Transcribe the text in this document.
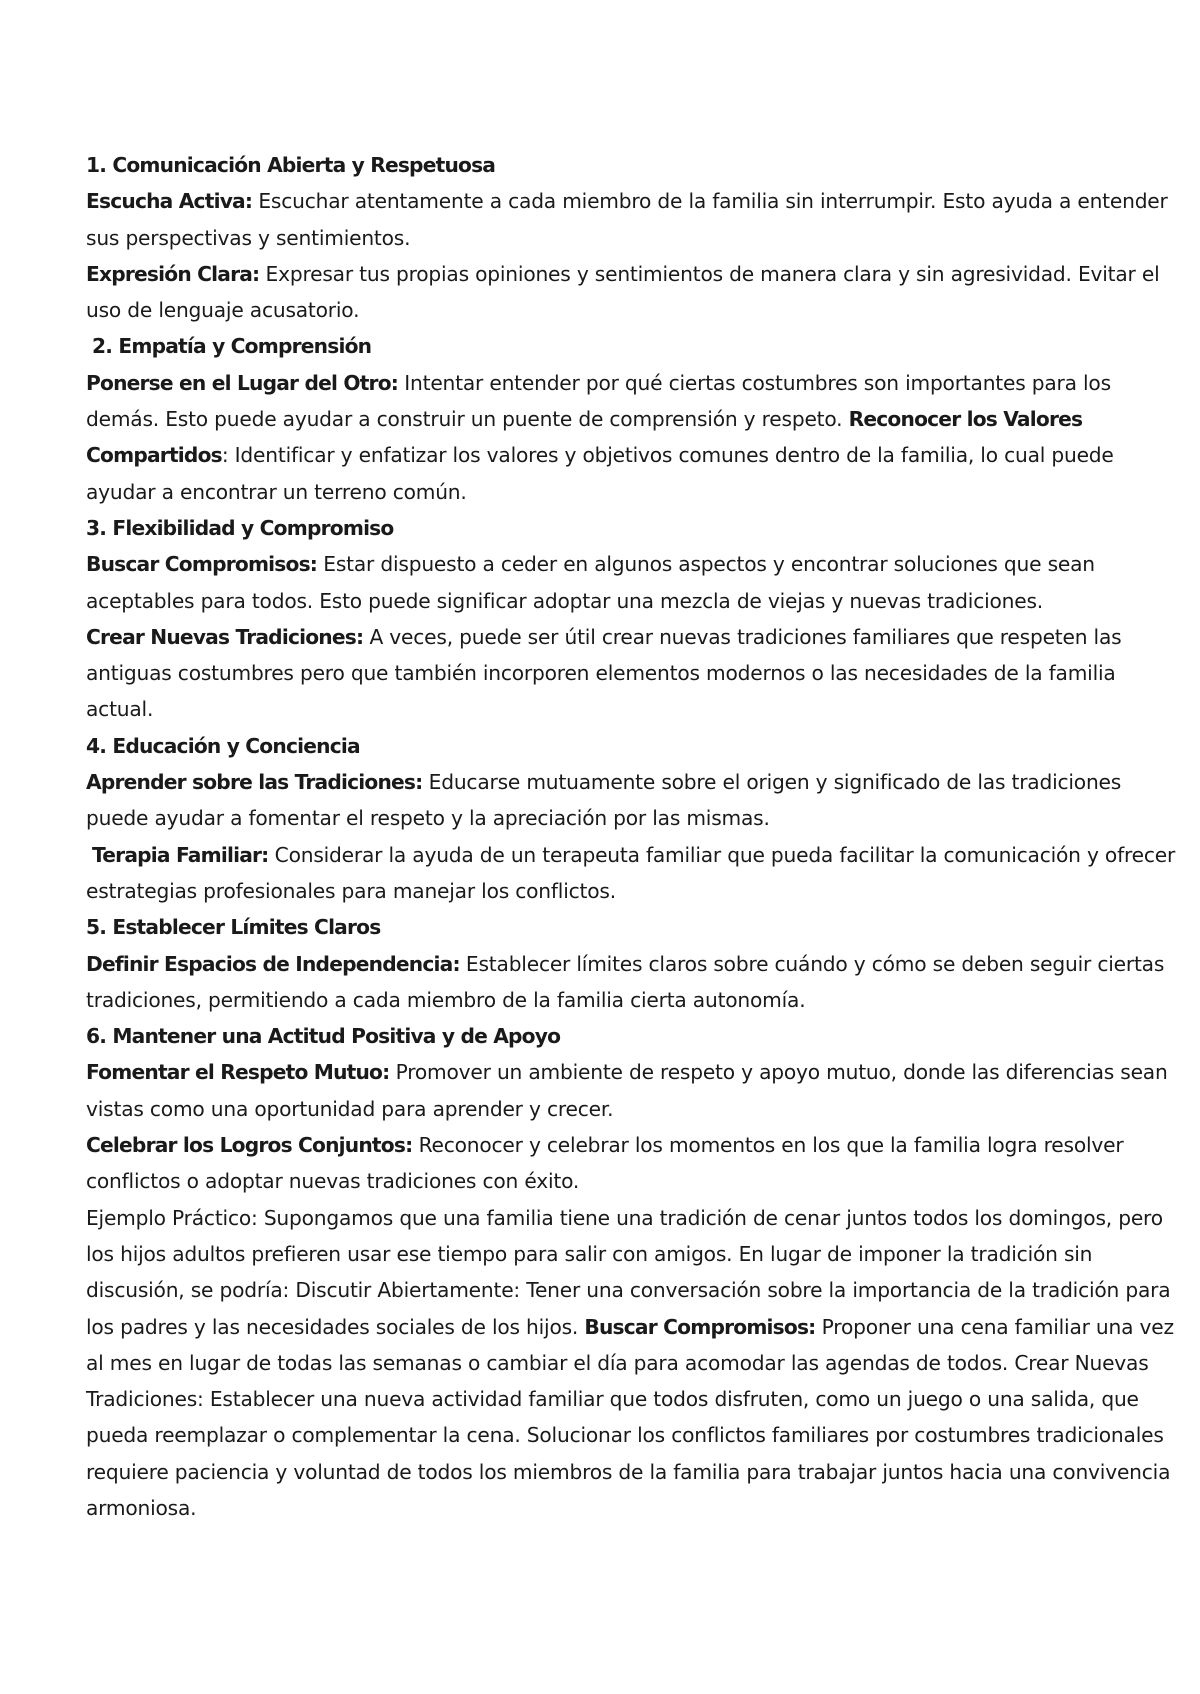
1. Comunicación Abierta y Respetuosa
Escucha Activa: Escuchar atentamente a cada miembro de la familia sin interrumpir. Esto ayuda a entender sus perspectivas y sentimientos.
Expresión Clara: Expresar tus propias opiniones y sentimientos de manera clara y sin agresividad. Evitar el uso de lenguaje acusatorio.
2. Empatía y Comprensión
Ponerse en el Lugar del Otro: Intentar entender por qué ciertas costumbres son importantes para los demás. Esto puede ayudar a construir un puente de comprensión y respeto. Reconocer los Valores Compartidos: Identificar y enfatizar los valores y objetivos comunes dentro de la familia, lo cual puede ayudar a encontrar un terreno común.
3. Flexibilidad y Compromiso
Buscar Compromisos: Estar dispuesto a ceder en algunos aspectos y encontrar soluciones que sean aceptables para todos. Esto puede significar adoptar una mezcla de viejas y nuevas tradiciones.
Crear Nuevas Tradiciones: A veces, puede ser útil crear nuevas tradiciones familiares que respeten las antiguas costumbres pero que también incorporen elementos modernos o las necesidades de la familia actual.
4. Educación y Conciencia
Aprender sobre las Tradiciones: Educarse mutuamente sobre el origen y significado de las tradiciones puede ayudar a fomentar el respeto y la apreciación por las mismas.
Terapia Familiar: Considerar la ayuda de un terapeuta familiar que pueda facilitar la comunicación y ofrecer estrategias profesionales para manejar los conflictos.
5. Establecer Límites Claros
Definir Espacios de Independencia: Establecer límites claros sobre cuándo y cómo se deben seguir ciertas tradiciones, permitiendo a cada miembro de la familia cierta autonomía.
6. Mantener una Actitud Positiva y de Apoyo
Fomentar el Respeto Mutuo: Promover un ambiente de respeto y apoyo mutuo, donde las diferencias sean vistas como una oportunidad para aprender y crecer.
Celebrar los Logros Conjuntos: Reconocer y celebrar los momentos en los que la familia logra resolver conflictos o adoptar nuevas tradiciones con éxito.
Ejemplo Práctico: Supongamos que una familia tiene una tradición de cenar juntos todos los domingos, pero los hijos adultos prefieren usar ese tiempo para salir con amigos. En lugar de imponer la tradición sin discusión, se podría: Discutir Abiertamente: Tener una conversación sobre la importancia de la tradición para los padres y las necesidades sociales de los hijos. Buscar Compromisos: Proponer una cena familiar una vez al mes en lugar de todas las semanas o cambiar el día para acomodar las agendas de todos. Crear Nuevas Tradiciones: Establecer una nueva actividad familiar que todos disfruten, como un juego o una salida, que pueda reemplazar o complementar la cena. Solucionar los conflictos familiares por costumbres tradicionales requiere paciencia y voluntad de todos los miembros de la familia para trabajar juntos hacia una convivencia armoniosa.
